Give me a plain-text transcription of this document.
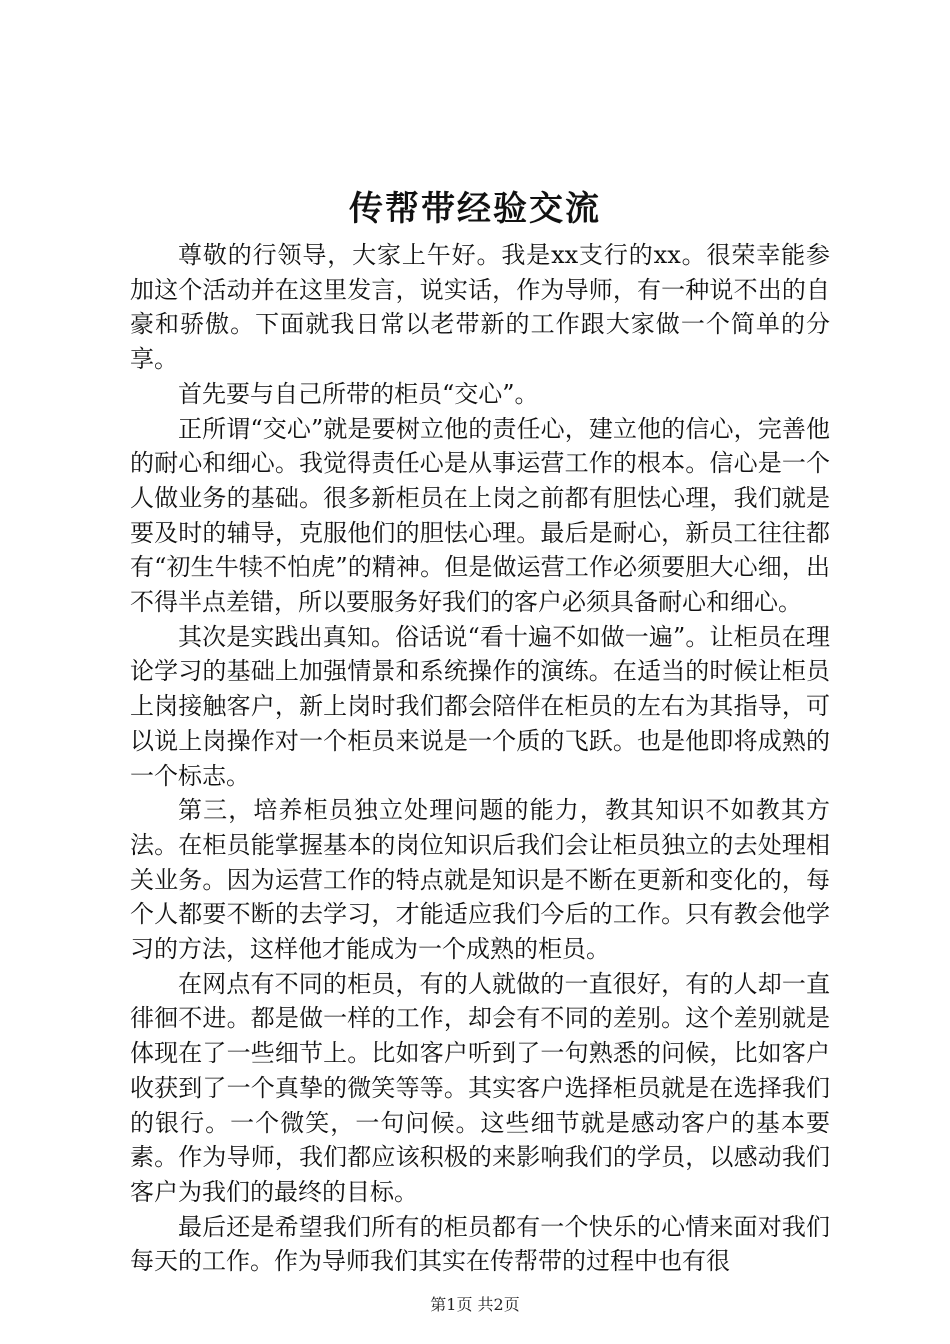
传帮带经验交流

尊敬的行领导，大家上午好。我是xx支行的xx。很荣幸能参加这个活动并在这里发言，说实话，作为导师，有一种说不出的自豪和骄傲。下面就我日常以老带新的工作跟大家做一个简单的分享。

首先要与自己所带的柜员“交心”。

正所谓“交心”就是要树立他的责任心，建立他的信心，完善他的耐心和细心。我觉得责任心是从事运营工作的根本。信心是一个人做业务的基础。很多新柜员在上岗之前都有胆怯心理，我们就是要及时的辅导，克服他们的胆怯心理。最后是耐心，新员工往往都有“初生牛犊不怕虎”的精神。但是做运营工作必须要胆大心细，出不得半点差错，所以要服务好我们的客户必须具备耐心和细心。

其次是实践出真知。俗话说“看十遍不如做一遍”。让柜员在理论学习的基础上加强情景和系统操作的演练。在适当的时候让柜员上岗接触客户，新上岗时我们都会陪伴在柜员的左右为其指导，可以说上岗操作对一个柜员来说是一个质的飞跃。也是他即将成熟的一个标志。

第三，培养柜员独立处理问题的能力，教其知识不如教其方法。在柜员能掌握基本的岗位知识后我们会让柜员独立的去处理相关业务。因为运营工作的特点就是知识是不断在更新和变化的，每个人都要不断的去学习，才能适应我们今后的工作。只有教会他学习的方法，这样他才能成为一个成熟的柜员。

在网点有不同的柜员，有的人就做的一直很好，有的人却一直徘徊不进。都是做一样的工作，却会有不同的差别。这个差别就是体现在了一些细节上。比如客户听到了一句熟悉的问候，比如客户收获到了一个真挚的微笑等等。其实客户选择柜员就是在选择我们的银行。一个微笑，一句问候。这些细节就是感动客户的基本要素。作为导师，我们都应该积极的来影响我们的学员，以感动我们客户为我们的最终的目标。

最后还是希望我们所有的柜员都有一个快乐的心情来面对我们每天的工作。作为导师我们其实在传帮带的过程中也有很

第1页 共2页
